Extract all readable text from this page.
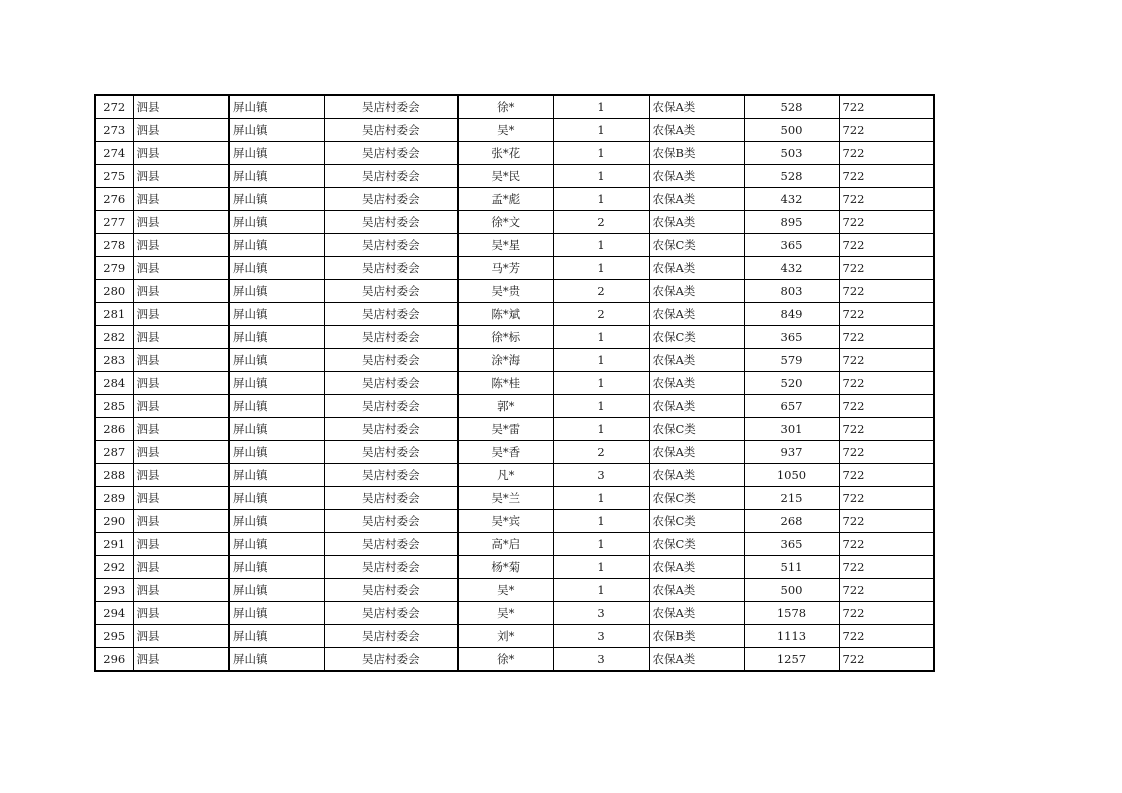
272	泗县	屏山镇	吴店村委会	徐*	1	农保A类	528	722
273	泗县	屏山镇	吴店村委会	吴*	1	农保A类	500	722
274	泗县	屏山镇	吴店村委会	张*花	1	农保B类	503	722
275	泗县	屏山镇	吴店村委会	吴*民	1	农保A类	528	722
276	泗县	屏山镇	吴店村委会	孟*彪	1	农保A类	432	722
277	泗县	屏山镇	吴店村委会	徐*文	2	农保A类	895	722
278	泗县	屏山镇	吴店村委会	吴*星	1	农保C类	365	722
279	泗县	屏山镇	吴店村委会	马*芳	1	农保A类	432	722
280	泗县	屏山镇	吴店村委会	吴*贵	2	农保A类	803	722
281	泗县	屏山镇	吴店村委会	陈*斌	2	农保A类	849	722
282	泗县	屏山镇	吴店村委会	徐*标	1	农保C类	365	722
283	泗县	屏山镇	吴店村委会	涂*海	1	农保A类	579	722
284	泗县	屏山镇	吴店村委会	陈*桂	1	农保A类	520	722
285	泗县	屏山镇	吴店村委会	郭*	1	农保A类	657	722
286	泗县	屏山镇	吴店村委会	吴*雷	1	农保C类	301	722
287	泗县	屏山镇	吴店村委会	吴*香	2	农保A类	937	722
288	泗县	屏山镇	吴店村委会	凡*	3	农保A类	1050	722
289	泗县	屏山镇	吴店村委会	吴*兰	1	农保C类	215	722
290	泗县	屏山镇	吴店村委会	吴*宾	1	农保C类	268	722
291	泗县	屏山镇	吴店村委会	高*启	1	农保C类	365	722
292	泗县	屏山镇	吴店村委会	杨*菊	1	农保A类	511	722
293	泗县	屏山镇	吴店村委会	吴*	1	农保A类	500	722
294	泗县	屏山镇	吴店村委会	吴*	3	农保A类	1578	722
295	泗县	屏山镇	吴店村委会	刘*	3	农保B类	1113	722
296	泗县	屏山镇	吴店村委会	徐*	3	农保A类	1257	722
